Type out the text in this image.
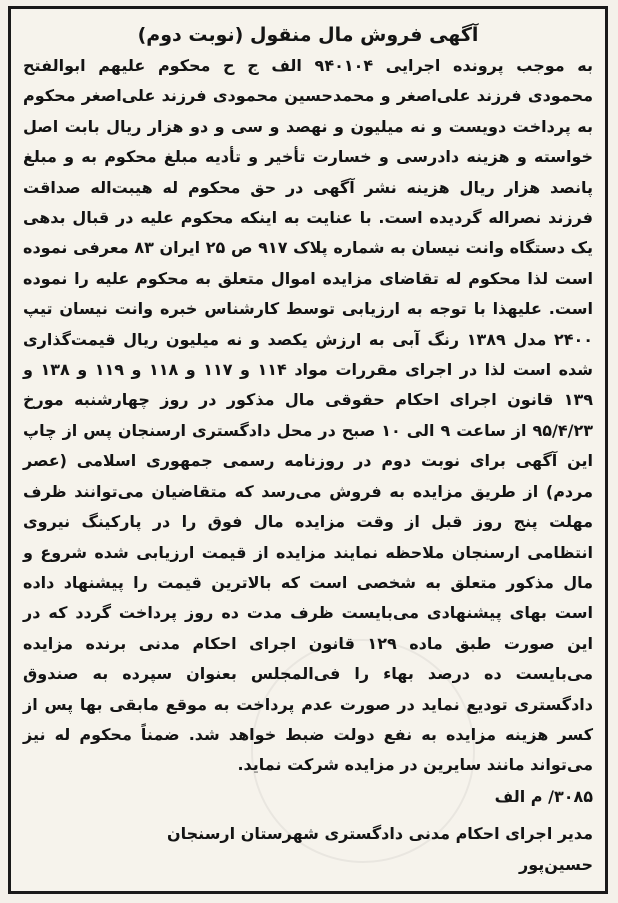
آگهی فروش مال منقول (نوبت دوم)

به موجب پرونده اجرایی ۹۴۰۱۰۴ الف ج ح محکوم علیهم ابوالفتح محمودی فرزند علی‌اصغر و محمدحسین محمودی فرزند علی‌اصغر محکوم به پرداخت دویست و نه میلیون و نهصد و سی و دو هزار ریال بابت اصل خواسته و هزینه دادرسی و خسارت تأخیر و تأدیه مبلغ محکوم به و مبلغ پانصد هزار ریال هزینه نشر آگهی در حق محکوم له هیبت‌اله صداقت فرزند نصراله گردیده است. با عنایت به اینکه محکوم علیه در قبال بدهی یک دستگاه وانت نیسان به شماره پلاک ۹۱۷ ص ۲۵ ایران ۸۳ معرفی نموده است لذا محکوم له تقاضای مزایده اموال متعلق به محکوم علیه را نموده است. علیهذا با توجه به ارزیابی توسط کارشناس خبره وانت نیسان تیپ ۲۴۰۰ مدل ۱۳۸۹ رنگ آبی به ارزش یکصد و نه میلیون ریال قیمت‌گذاری شده است لذا در اجرای مقررات مواد ۱۱۴ و ۱۱۷ و ۱۱۸ و ۱۱۹ و ۱۳۸ و ۱۳۹ قانون اجرای احکام حقوقی مال مذکور در روز چهارشنبه مورخ ۹۵/۴/۲۳ از ساعت ۹ الی ۱۰ صبح در محل دادگستری ارسنجان پس از چاپ این آگهی برای نوبت دوم در روزنامه رسمی جمهوری اسلامی (عصر مردم) از طریق مزایده به فروش می‌رسد که متقاضیان می‌توانند ظرف مهلت پنج روز قبل از وقت مزایده مال فوق را در پارکینگ نیروی انتظامی ارسنجان ملاحظه نمایند مزایده از قیمت ارزیابی شده شروع و مال مذکور متعلق به شخصی است که بالاترین قیمت را پیشنهاد داده است بهای پیشنهادی می‌بایست ظرف مدت ده روز پرداخت گردد که در این صورت طبق ماده ۱۲۹ قانون اجرای احکام مدنی برنده مزایده می‌بایست ده درصد بهاء را فی‌المجلس بعنوان سپرده به صندوق دادگستری تودیع نماید در صورت عدم پرداخت به موقع مابقی بها پس از کسر هزینه مزایده به نفع دولت ضبط خواهد شد. ضمناً محکوم له نیز می‌تواند مانند سایرین در مزایده شرکت نماید.

۳۰۸۵/ م الف

مدیر اجرای احکام مدنی دادگستری شهرستان ارسنجان

حسین‌پور
